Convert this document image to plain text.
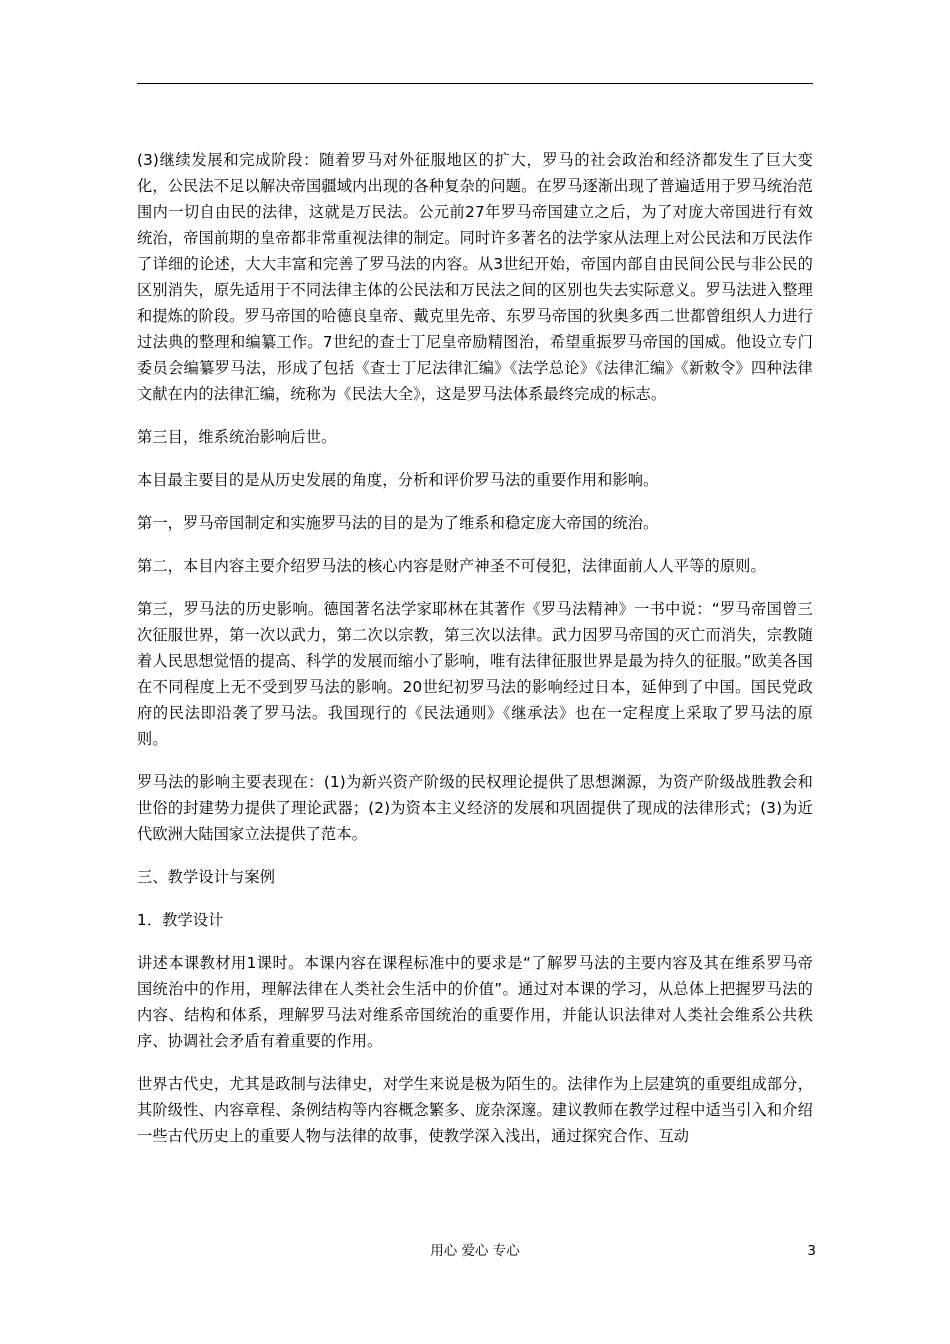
(3)继续发展和完成阶段：随着罗马对外征服地区的扩大，罗马的社会政治和经济都发生了巨大变化，公民法不足以解决帝国疆域内出现的各种复杂的问题。在罗马逐渐出现了普遍适用于罗马统治范围内一切自由民的法律，这就是万民法。公元前27年罗马帝国建立之后，为了对庞大帝国进行有效统治，帝国前期的皇帝都非常重视法律的制定。同时许多著名的法学家从法理上对公民法和万民法作了详细的论述，大大丰富和完善了罗马法的内容。从3世纪开始，帝国内部自由民间公民与非公民的区别消失，原先适用于不同法律主体的公民法和万民法之间的区别也失去实际意义。罗马法进入整理和提炼的阶段。罗马帝国的哈德良皇帝、戴克里先帝、东罗马帝国的狄奥多西二世都曾组织人力进行过法典的整理和编纂工作。7世纪的查士丁尼皇帝励精图治，希望重振罗马帝国的国威。他设立专门委员会编纂罗马法，形成了包括《查士丁尼法律汇编》《法学总论》《法律汇编》《新敕令》四种法律文献在内的法律汇编，统称为《民法大全》，这是罗马法体系最终完成的标志。

第三目，维系统治影响后世。

本目最主要目的是从历史发展的角度，分析和评价罗马法的重要作用和影响。

第一，罗马帝国制定和实施罗马法的目的是为了维系和稳定庞大帝国的统治。

第二，本目内容主要介绍罗马法的核心内容是财产神圣不可侵犯，法律面前人人平等的原则。

第三，罗马法的历史影响。德国著名法学家耶林在其著作《罗马法精神》一书中说：“罗马帝国曾三次征服世界，第一次以武力，第二次以宗教，第三次以法律。武力因罗马帝国的灭亡而消失，宗教随着人民思想觉悟的提高、科学的发展而缩小了影响，唯有法律征服世界是最为持久的征服。”欧美各国在不同程度上无不受到罗马法的影响。20世纪初罗马法的影响经过日本，延伸到了中国。国民党政府的民法即沿袭了罗马法。我国现行的《民法通则》《继承法》也在一定程度上采取了罗马法的原则。

罗马法的影响主要表现在：(1)为新兴资产阶级的民权理论提供了思想渊源，为资产阶级战胜教会和世俗的封建势力提供了理论武器；(2)为资本主义经济的发展和巩固提供了现成的法律形式；(3)为近代欧洲大陆国家立法提供了范本。

三、教学设计与案例

1．教学设计

讲述本课教材用1课时。本课内容在课程标准中的要求是“了解罗马法的主要内容及其在维系罗马帝国统治中的作用，理解法律在人类社会生活中的价值”。通过对本课的学习，从总体上把握罗马法的内容、结构和体系，理解罗马法对维系帝国统治的重要作用，并能认识法律对人类社会维系公共秩序、协调社会矛盾有着重要的作用。

世界古代史，尤其是政制与法律史，对学生来说是极为陌生的。法律作为上层建筑的重要组成部分，其阶级性、内容章程、条例结构等内容概念繁多、庞杂深邃。建议教师在教学过程中适当引入和介绍一些古代历史上的重要人物与法律的故事，使教学深入浅出，通过探究合作、互动

用心 爱心 专心	3
